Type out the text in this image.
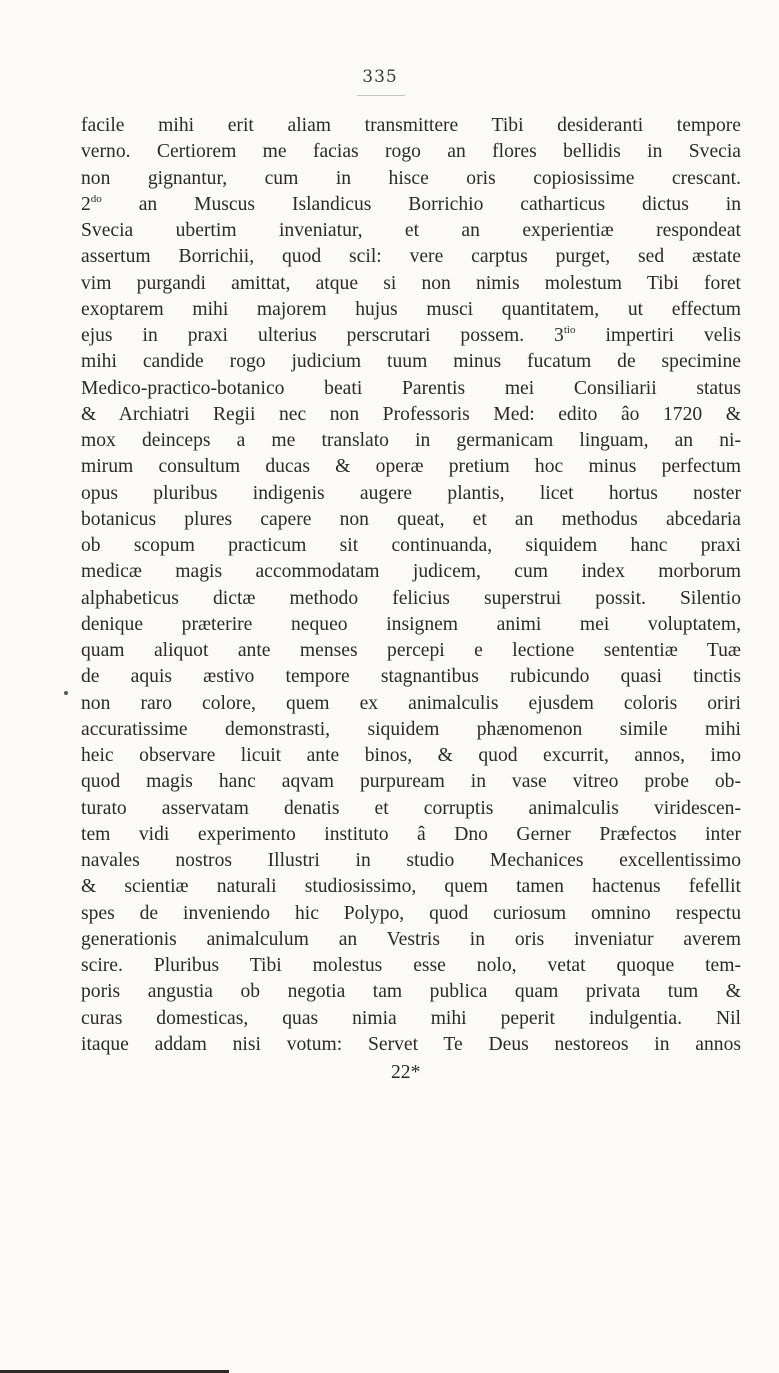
335
facile mihi erit aliam transmittere Tibi desideranti tempore
verno. Certiorem me facias rogo an flores bellidis in Svecia
non gignantur, cum in hisce oris copiosissime crescant.
$2^{do}$ an Muscus Islandicus Borrichio catharticus dictus in
Svecia ubertim inveniatur, et an experientiæ respondeat
assertum Borrichii, quod scil: vere carptus purget, sed æstate
vim purgandi amittat, atque si non nimis molestum Tibi foret
exoptarem mihi majorem hujus musci quantitatem, ut effectum
ejus in praxi ulterius perscrutari possem. $3^{tio}$ impertiri velis
mihi candide rogo judicium tuum minus fucatum de specimine
Medico-practico-botanico beati Parentis mei Consiliarii status
& Archiatri Regii nec non Professoris Med: edito âo 1720 &
mox deinceps a me translato in germanicam linguam, an ni-
mirum consultum ducas & operæ pretium hoc minus perfectum
opus pluribus indigenis augere plantis, licet hortus noster
botanicus plures capere non queat, et an methodus abcedaria
ob scopum practicum sit continuanda, siquidem hanc praxi
medicæ magis accommodatam judicem, cum index morborum
alphabeticus dictæ methodo felicius superstrui possit. Silentio
denique præterire nequeo insignem animi mei voluptatem,
quam aliquot ante menses percepi e lectione sententiæ Tuæ
de aquis æstivo tempore stagnantibus rubicundo quasi tinctis
non raro colore, quem ex animalculis ejusdem coloris oriri
accuratissime demonstrasti, siquidem phænomenon simile mihi
heic observare licuit ante binos, & quod excurrit, annos, imo
quod magis hanc aqvam purpuream in vase vitreo probe ob-
turato asservatam denatis et corruptis animalculis viridescen-
tem vidi experimento instituto â Dno Gerner Præfectos inter
navales nostros Illustri in studio Mechanices excellentissimo
& scientiæ naturali studiosissimo, quem tamen hactenus fefellit
spes de inveniendo hic Polypo, quod curiosum omnino respectu
generationis animalculum an Vestris in oris inveniatur averem
scire. Pluribus Tibi molestus esse nolo, vetat quoque tem-
poris angustia ob negotia tam publica quam privata tum &
curas domesticas, quas nimia mihi peperit indulgentia. Nil
itaque addam nisi votum: Servet Te Deus nestoreos in annos
22*
